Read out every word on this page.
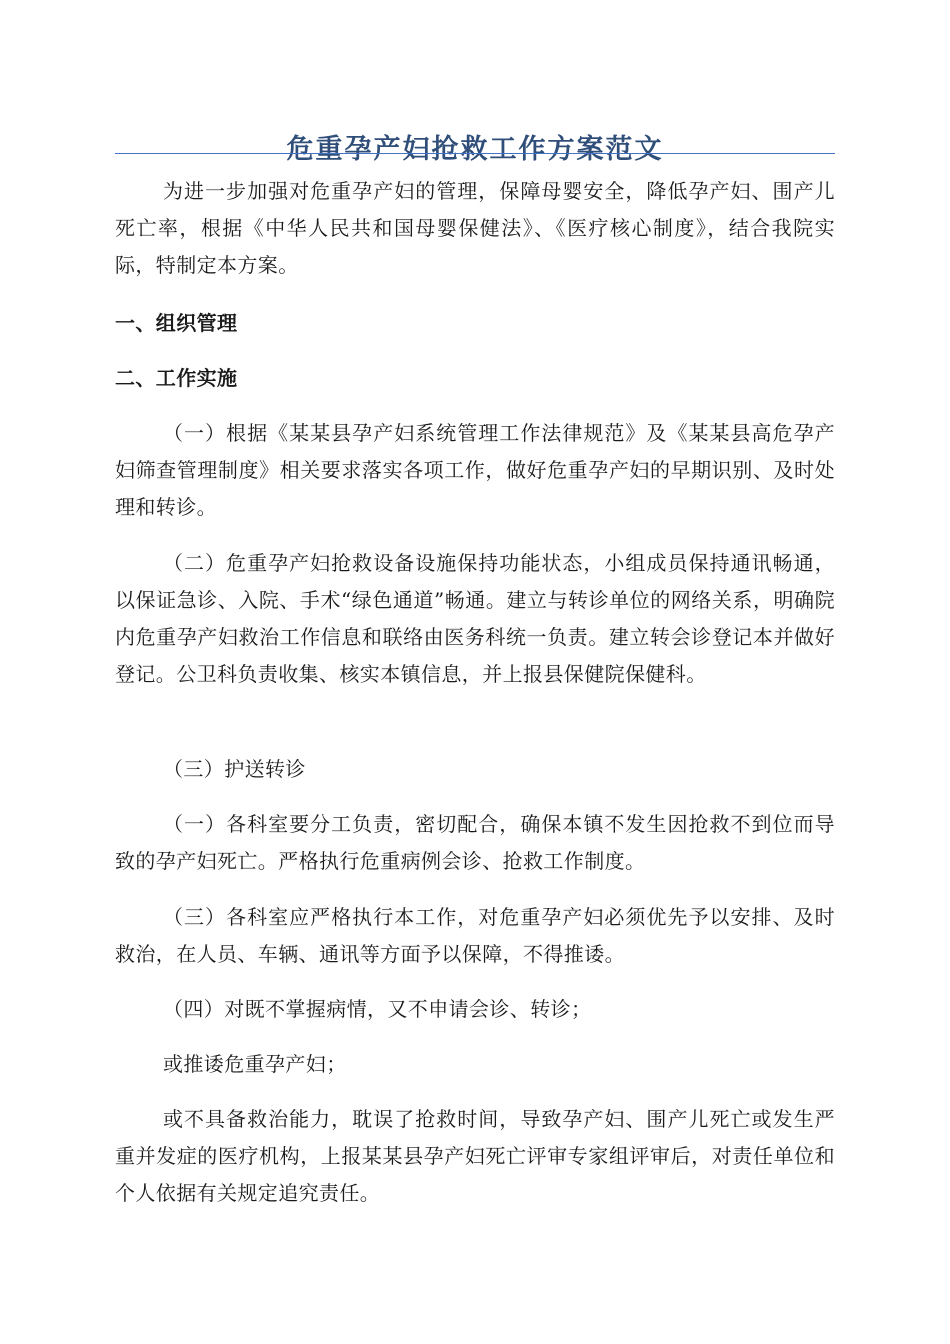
危重孕产妇抢救工作方案范文

为进一步加强对危重孕产妇的管理，保障母婴安全，降低孕产妇、围产儿死亡率，根据《中华人民共和国母婴保健法》、《医疗核心制度》，结合我院实际，特制定本方案。

一、组织管理
二、工作实施

（一）根据《某某县孕产妇系统管理工作法律规范》及《某某县高危孕产妇筛查管理制度》相关要求落实各项工作，做好危重孕产妇的早期识别、及时处理和转诊。

（二）危重孕产妇抢救设备设施保持功能状态，小组成员保持通讯畅通，以保证急诊、入院、手术“绿色通道”畅通。建立与转诊单位的网络关系，明确院内危重孕产妇救治工作信息和联络由医务科统一负责。建立转会诊登记本并做好登记。公卫科负责收集、核实本镇信息，并上报县保健院保健科。

（三）护送转诊

（一）各科室要分工负责，密切配合，确保本镇不发生因抢救不到位而导致的孕产妇死亡。严格执行危重病例会诊、抢救工作制度。

（三）各科室应严格执行本工作，对危重孕产妇必须优先予以安排、及时救治，在人员、车辆、通讯等方面予以保障，不得推诿。

（四）对既不掌握病情，又不申请会诊、转诊；

或推诿危重孕产妇；

或不具备救治能力，耽误了抢救时间，导致孕产妇、围产儿死亡或发生严重并发症的医疗机构，上报某某县孕产妇死亡评审专家组评审后，对责任单位和个人依据有关规定追究责任。
